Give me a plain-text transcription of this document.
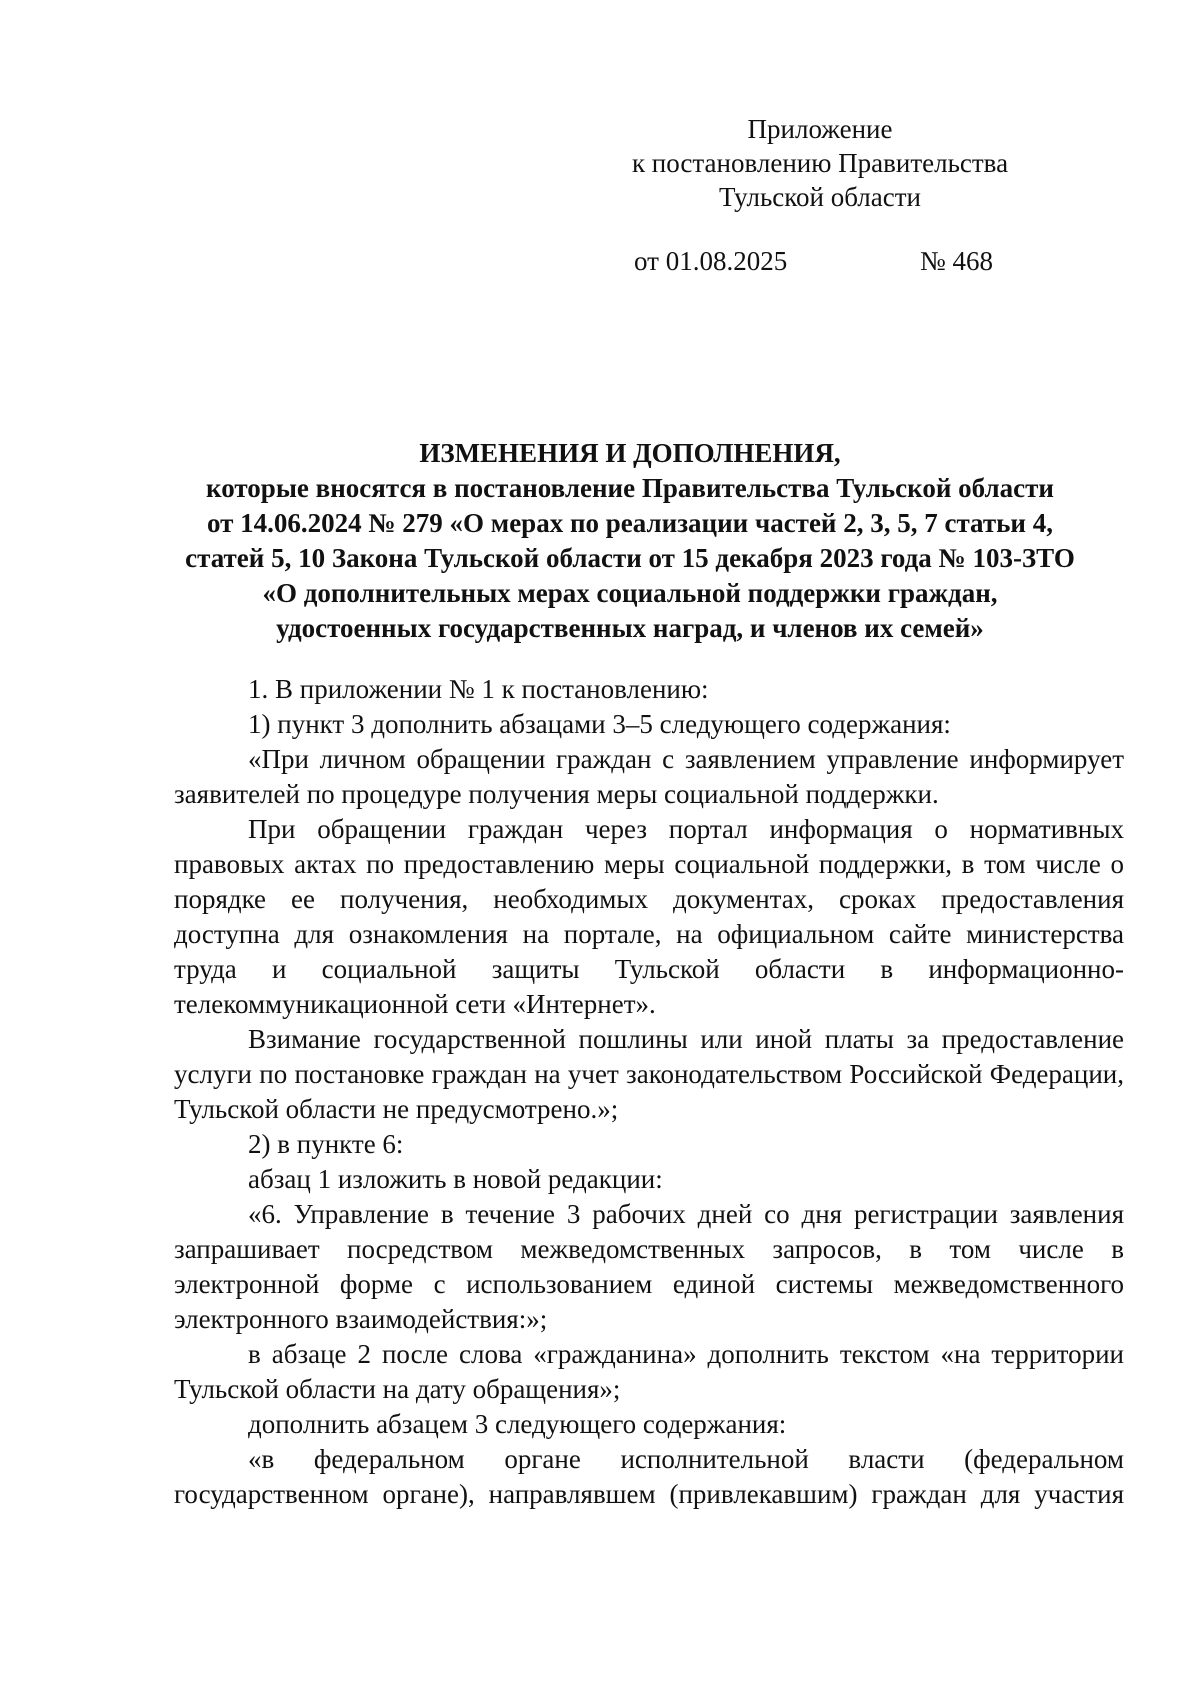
Приложение
к постановлению Правительства
Тульской области
от 01.08.2025	№ 468
ИЗМЕНЕНИЯ И ДОПОЛНЕНИЯ,
которые вносятся в постановление Правительства Тульской области
от 14.06.2024 № 279 «О мерах по реализации частей 2, 3, 5, 7 статьи 4,
статей 5, 10 Закона Тульской области от 15 декабря 2023 года № 103-ЗТО
«О дополнительных мерах социальной поддержки граждан,
удостоенных государственных наград, и членов их семей»

1. В приложении № 1 к постановлению:

1) пункт 3 дополнить абзацами 3–5 следующего содержания:

«При личном обращении граждан с заявлением управление информирует заявителей по процедуре получения меры социальной поддержки.

При обращении граждан через портал информация о нормативных правовых актах по предоставлению меры социальной поддержки, в том числе о порядке ее получения, необходимых документах, сроках предоставления доступна для ознакомления на портале, на официальном сайте министерства труда и социальной защиты Тульской области в информационно-телекоммуникационной сети «Интернет».

Взимание государственной пошлины или иной платы за предоставление услуги по постановке граждан на учет законодательством Российской Федерации, Тульской области не предусмотрено.»;

2) в пункте 6:

абзац 1 изложить в новой редакции:

«6. Управление в течение 3 рабочих дней со дня регистрации заявления запрашивает посредством межведомственных запросов, в том числе в электронной форме с использованием единой системы межведомственного электронного взаимодействия:»;

в абзаце 2 после слова «гражданина» дополнить текстом «на территории Тульской области на дату обращения»;

дополнить абзацем 3 следующего содержания:

«в федеральном органе исполнительной власти (федеральном государственном органе), направлявшем (привлекавшим) граждан для участия
